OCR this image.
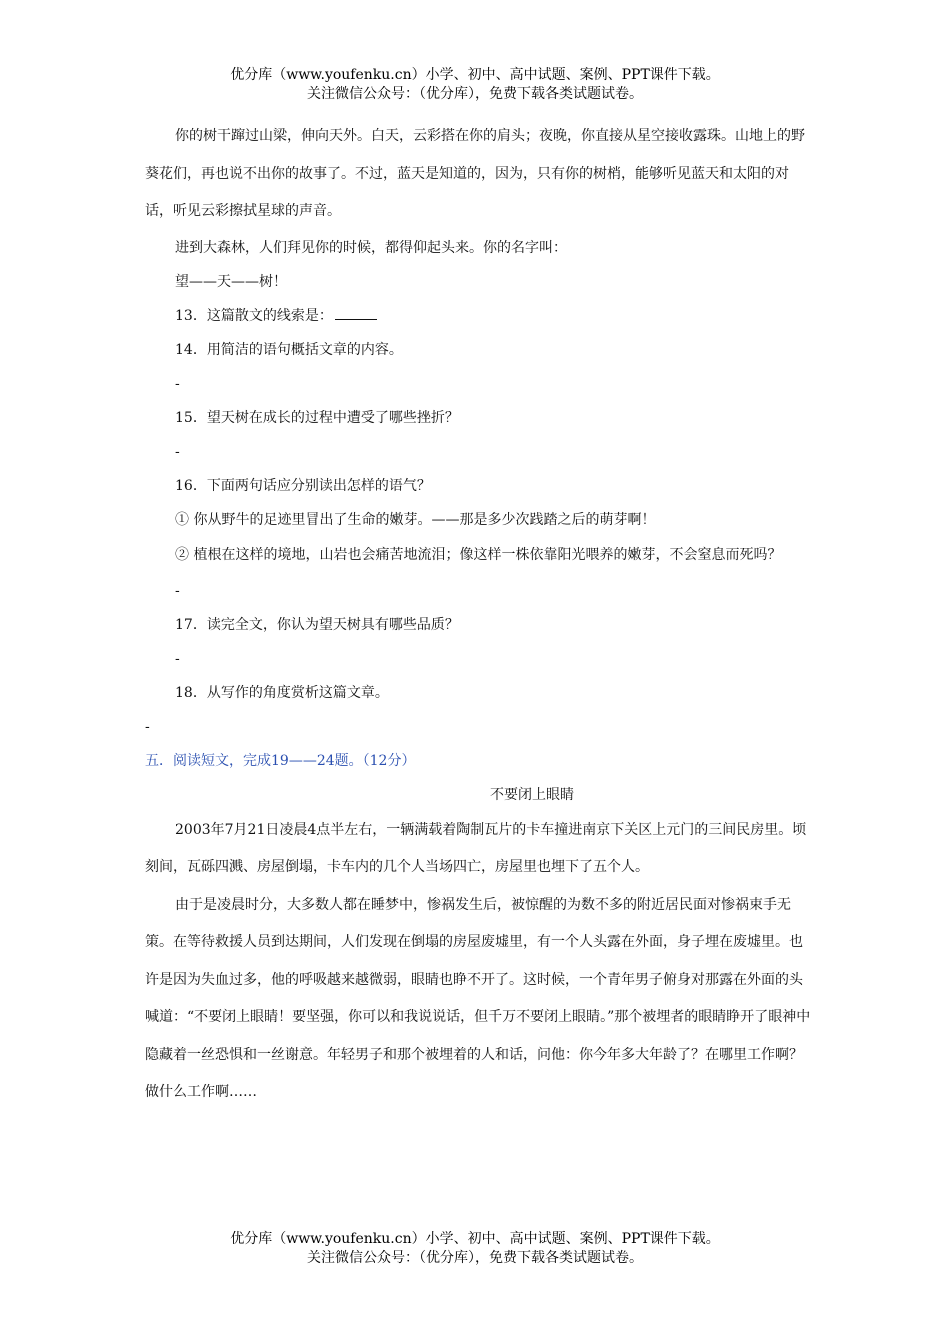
优分库（www.youfenku.cn）小学、初中、高中试题、案例、PPT课件下载。
关注微信公众号：（优分库），免费下载各类试题试卷。

你的树干蹿过山梁，伸向天外。白天，云彩搭在你的肩头；夜晚，你直接从星空接收露珠。山地上的野葵花们，再也说不出你的故事了。不过，蓝天是知道的，因为，只有你的树梢，能够听见蓝天和太阳的对话，听见云彩擦拭星球的声音。

进到大森林，人们拜见你的时候，都得仰起头来。你的名字叫：

望——天——树！

13．这篇散文的线索是：

14．用简洁的语句概括文章的内容。

-

15．望天树在成长的过程中遭受了哪些挫折？

-

16．下面两句话应分别读出怎样的语气？

① 你从野牛的足迹里冒出了生命的嫩芽。——那是多少次践踏之后的萌芽啊！

② 植根在这样的境地，山岩也会痛苦地流泪；像这样一株依靠阳光喂养的嫩芽，不会窒息而死吗？

-

17．读完全文，你认为望天树具有哪些品质？

-

18．从写作的角度赏析这篇文章。

-

五．阅读短文，完成19——24题。（12分）

不要闭上眼睛

2003年7月21日凌晨4点半左右，一辆满载着陶制瓦片的卡车撞进南京下关区上元门的三间民房里。顷刻间，瓦砾四溅、房屋倒塌，卡车内的几个人当场四亡，房屋里也埋下了五个人。

由于是凌晨时分，大多数人都在睡梦中，惨祸发生后，被惊醒的为数不多的附近居民面对惨祸束手无策。在等待救援人员到达期间，人们发现在倒塌的房屋废墟里，有一个人头露在外面，身子埋在废墟里。也许是因为失血过多，他的呼吸越来越微弱，眼睛也睁不开了。这时候，一个青年男子俯身对那露在外面的头喊道：“不要闭上眼睛！要坚强，你可以和我说说话，但千万不要闭上眼睛。”那个被埋者的眼睛睁开了眼神中隐藏着一丝恐惧和一丝谢意。年轻男子和那个被埋着的人和话，问他：你今年多大年龄了？在哪里工作啊？做什么工作啊……

优分库（www.youfenku.cn）小学、初中、高中试题、案例、PPT课件下载。
关注微信公众号：（优分库），免费下载各类试题试卷。
